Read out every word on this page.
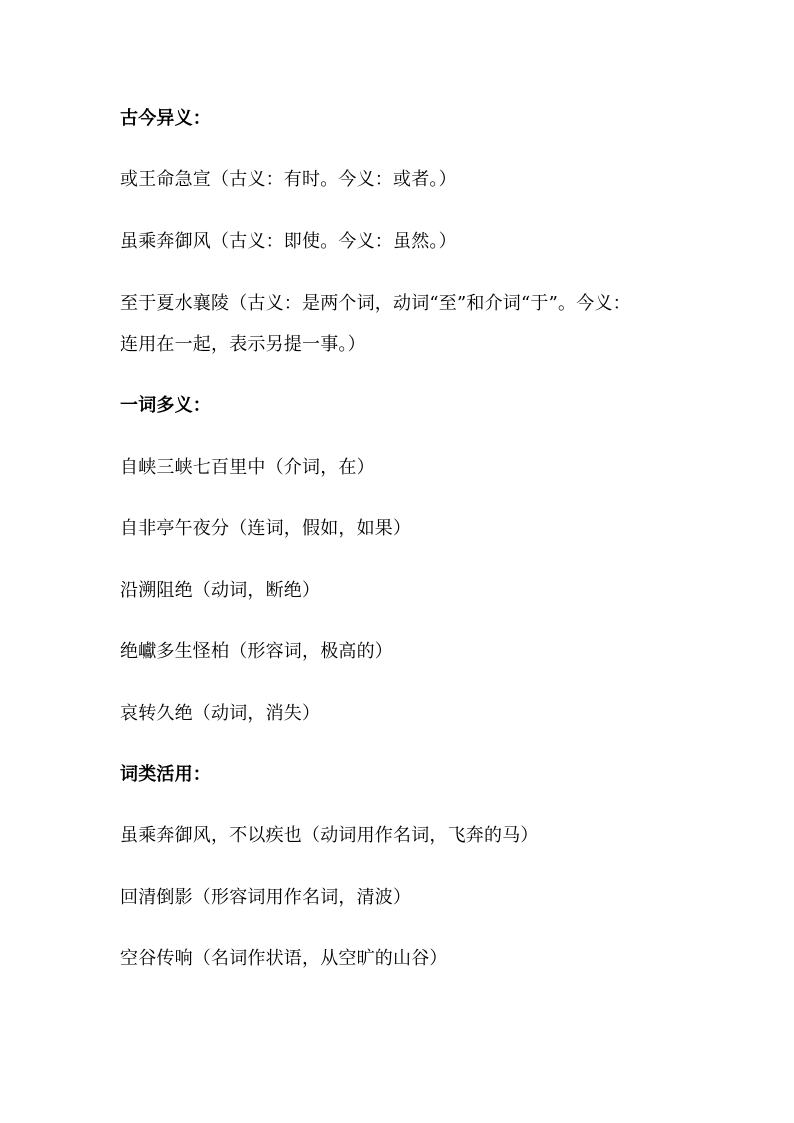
古今异义：
或王命急宣（古义：有时。今义：或者。）
虽乘奔御风（古义：即使。今义：虽然。）
至于夏水襄陵（古义：是两个词，动词“至”和介词“于”。今义：
连用在一起，表示另提一事。）
一词多义：
自峡三峡七百里中（介词，在）
自非亭午夜分（连词，假如，如果）
沿溯阻绝（动词，断绝）
绝巘多生怪柏（形容词，极高的）
哀转久绝（动词，消失）
词类活用：
虽乘奔御风，不以疾也（动词用作名词，飞奔的马）
回清倒影（形容词用作名词，清波）
空谷传响（名词作状语，从空旷的山谷）
